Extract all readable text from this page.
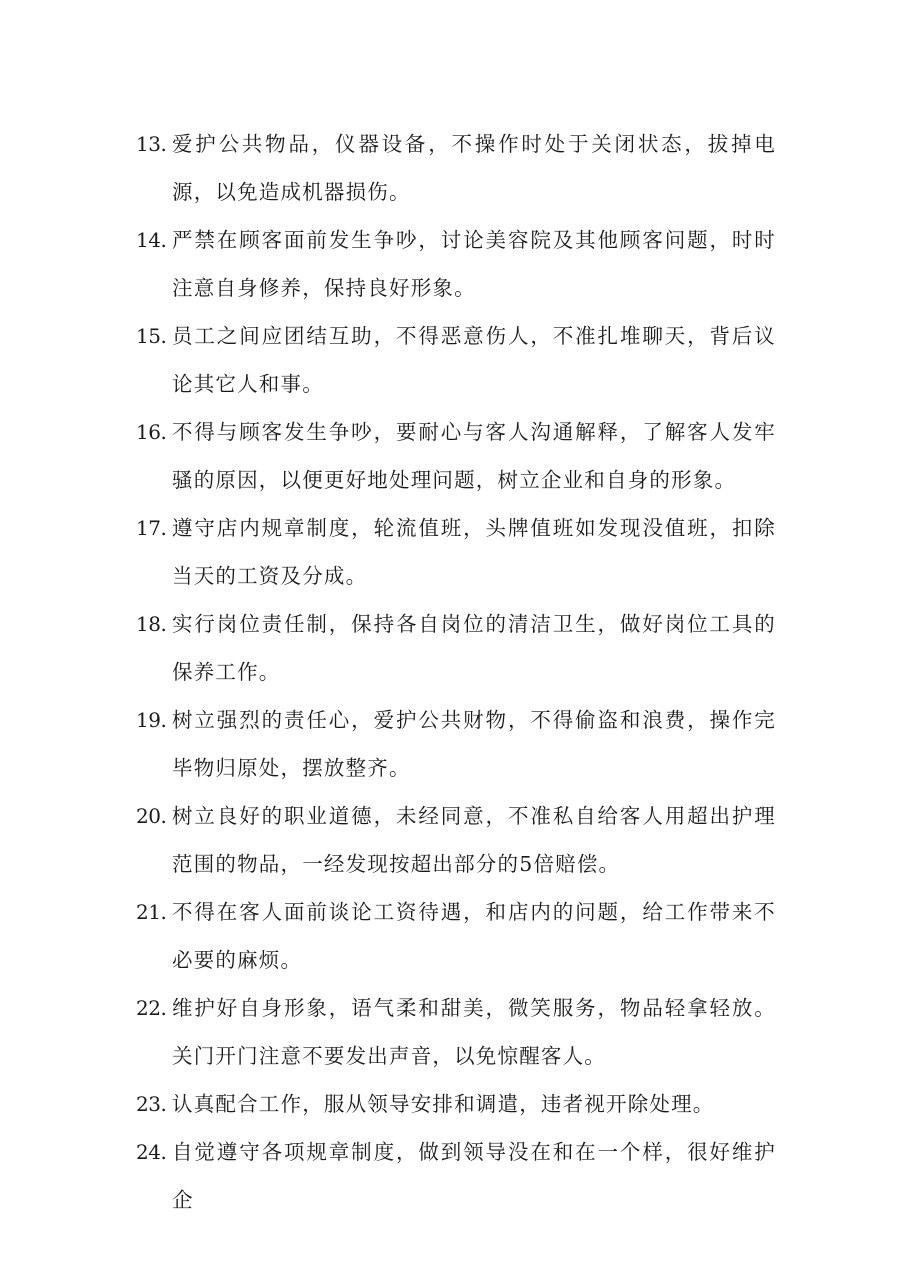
13. 爱护公共物品，仪器设备，不操作时处于关闭状态，拔掉电源，以免造成机器损伤。
14. 严禁在顾客面前发生争吵，讨论美容院及其他顾客问题，时时注意自身修养，保持良好形象。
15. 员工之间应团结互助，不得恶意伤人，不准扎堆聊天，背后议论其它人和事。
16. 不得与顾客发生争吵，要耐心与客人沟通解释，了解客人发牢骚的原因，以便更好地处理问题，树立企业和自身的形象。
17. 遵守店内规章制度，轮流值班，头牌值班如发现没值班，扣除当天的工资及分成。
18. 实行岗位责任制，保持各自岗位的清洁卫生，做好岗位工具的保养工作。
19. 树立强烈的责任心，爱护公共财物，不得偷盗和浪费，操作完毕物归原处，摆放整齐。
20. 树立良好的职业道德，未经同意，不准私自给客人用超出护理范围的物品，一经发现按超出部分的5倍赔偿。
21. 不得在客人面前谈论工资待遇，和店内的问题，给工作带来不必要的麻烦。
22. 维护好自身形象，语气柔和甜美，微笑服务，物品轻拿轻放。关门开门注意不要发出声音，以免惊醒客人。
23. 认真配合工作，服从领导安排和调遣，违者视开除处理。
24. 自觉遵守各项规章制度，做到领导没在和在一个样，很好维护企
